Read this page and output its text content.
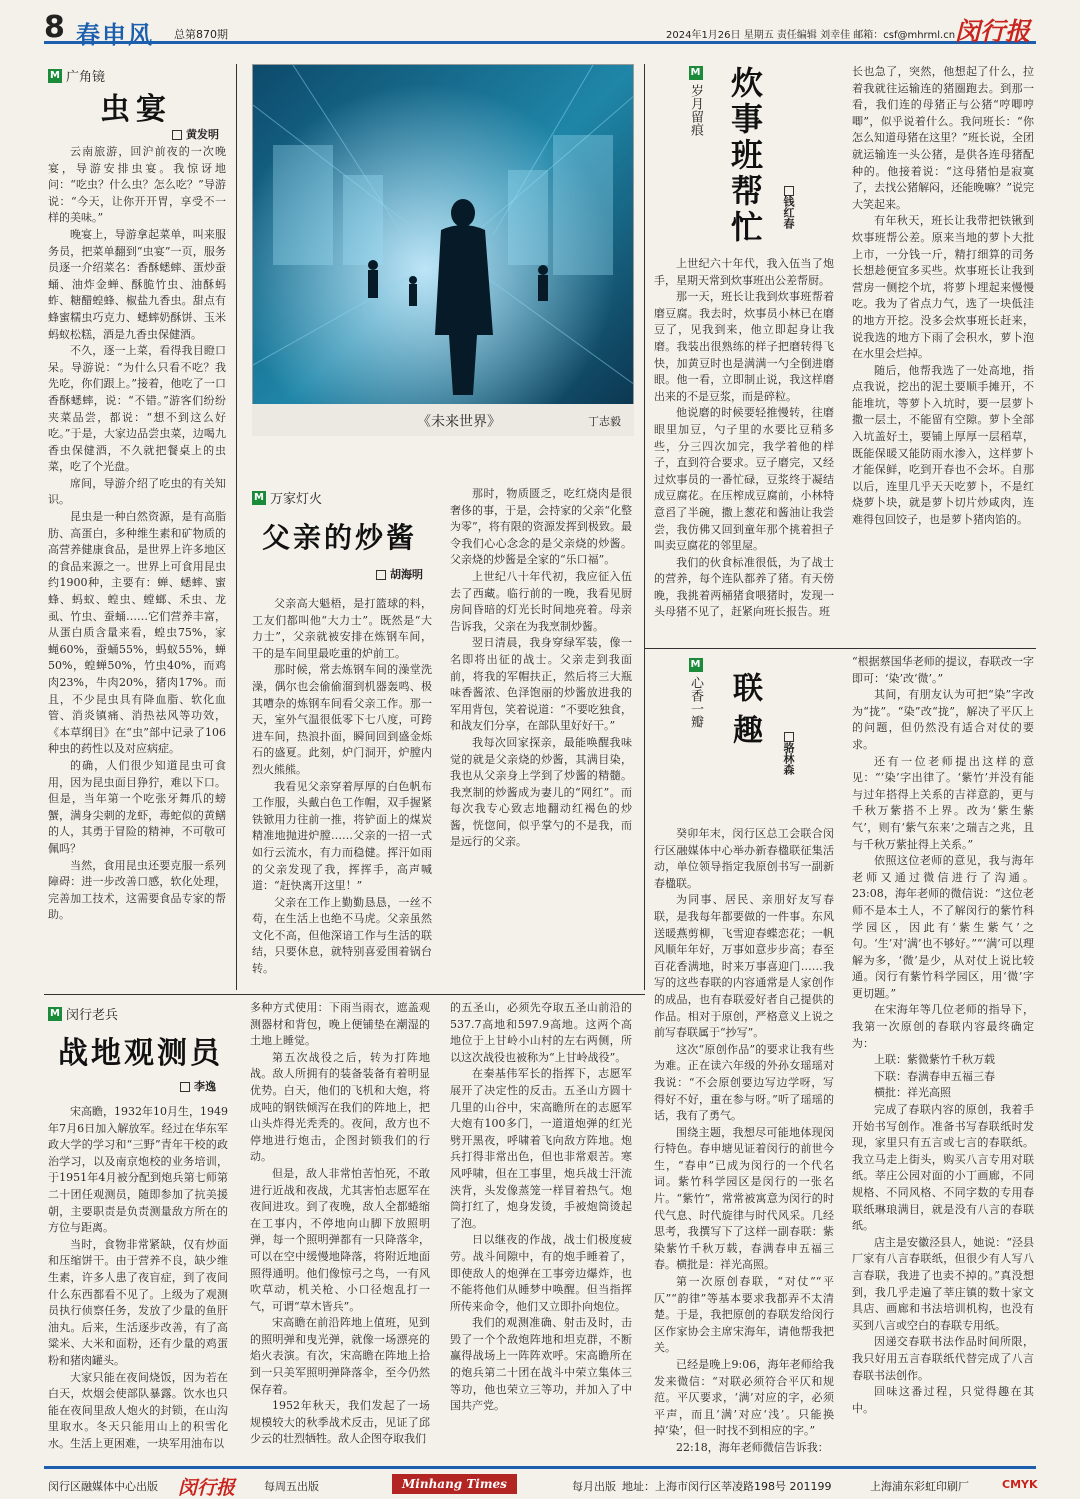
8 春申风 总第870期	2024年1月26日 星期五 责任编辑 刘幸佳 邮箱：csf@mhrml.cn 闵行报
M 广角镜
虫宴
黄发明

云南旅游，回沪前夜的一次晚宴，导游安排虫宴。我惊讶地问：“吃虫？什么虫？怎么吃？”导游说：“今天，让你开开胃，享受不一样的美味。”

晚宴上，导游拿起菜单，叫来服务员，把菜单翻到“虫宴”一页，服务员逐一介绍菜名：香酥蟋蟀、蛋炒蚕蛹、油炸金蝉、酥脆竹虫、油酥蚂蚱、糖醋蝗蜂、椒盐九香虫。甜点有蜂蜜糯虫巧克力、蟋蟀奶酥饼、玉米蚂蚁松糕，酒是九香虫保健酒。

不久，逐一上菜，看得我目瞪口呆。导游说：“为什么只看不吃？我先吃，你们跟上。”接着，他吃了一口香酥蟋蟀，说：“不错。”游客们纷纷夹菜品尝，都说：“想不到这么好吃。”于是，大家边品尝虫菜，边喝九香虫保健酒，不久就把餐桌上的虫菜，吃了个光盘。

席间，导游介绍了吃虫的有关知识。

昆虫是一种白然资源，是有高脂肪、高蛋白，多种维生素和矿物质的高营养健康食品，是世界上许多地区的食品来源之一。世界上可食用昆虫约1900种，主要有：蝉、蟋蟀、蜜蜂、蚂蚁、蝗虫、螳螂、禾虫、龙虱、竹虫、蚕蛹……它们营养丰富，从蛋白质含量来看，蝗虫75%，家蝇60%，蚕蛹55%，蚂蚁55%，蝉50%，蝗蝉50%，竹虫40%，而鸡肉23%，牛肉20%，猪肉17%。而且，不少昆虫具有降血脂、软化血管、消炎镇痛、消热祛风等功效，《本草纲目》在“虫”部中记录了106种虫的药性以及对应病症。

的确，人们很少知道昆虫可食用，因为昆虫面目狰狞，难以下口。但是，当年第一个吃张牙舞爪的螃蟹，满身尖刺的龙虾，毒蛇似的黄鳝的人，其勇于冒险的精神，不可敬可佩吗？

当然，食用昆虫还要克服一系列障碍：进一步改善口感，软化处理，完善加工技术，这需要食品专家的帮助。

《未来世界》	丁志毅
M 万家灯火
父亲的炒酱
胡海明

父亲高大魁梧，是打篮球的料，工友们都叫他“大力士”。既然是“大力士”，父亲就被安排在炼钢车间，干的是车间里最吃重的炉前工。

那时候，常去炼钢车间的澡堂洗澡，偶尔也会偷偷溜到机器轰鸣、极其嘈杂的炼钢车间看父亲工作。那一天，室外气温很低零下七八度，可跨进车间，热浪扑面，瞬间回到盛金烁石的盛夏。此刻，炉门洞开，炉膛内烈火熊熊。

我看见父亲穿着厚厚的白色帆布工作服，头戴白色工作帽，双手握紧铁锨用力往前一推，将铲面上的煤炭精准地抛进炉膛……父亲的一招一式如行云流水，有力而稳健。挥汗如雨的父亲发现了我，挥挥手，高声喊道：“赶快离开这里！”

父亲在工作上勤勤恳恳，一丝不苟，在生活上也绝不马虎。父亲虽然文化不高，但他深谙工作与生活的联结，只要休息，就特别喜爱围着锅台转。

那时，物质匮乏，吃红烧肉是很奢侈的事，于是，会持家的父亲“化整为零”，将有限的资源发挥到极致。最令我们心心念念的是父亲烧的炒酱。父亲烧的炒酱是全家的“乐口福”。

上世纪八十年代初，我应征入伍去了西藏。临行前的一晚，我看见厨房间昏暗的灯光长时间地亮着。母亲告诉我，父亲在为我烹制炒酱。

翌日清晨，我身穿绿军装，像一名即将出征的战士。父亲走到我面前，将我的军帽扶正，然后将三大瓶味香酱浓、色泽饱丽的炒酱放进我的军用背包，笑着说道：“不要吃独食，和战友们分享，在部队里好好干。”

我每次回家探亲，最能唤醒我味觉的就是父亲烧的炒酱，其满目染，我也从父亲身上学到了炒酱的精髓。我烹制的炒酱成为妻儿的“网红”。而每次我专心致志地翻动红褐色的炒酱，恍惚间，似乎掌勺的不是我，而是远行的父亲。

M
岁月留痕 炊事班帮忙	钱红春

上世纪六十年代，我入伍当了炮手，星期天常到炊事班出公差帮厨。

那一天，班长让我到炊事班帮着磨豆腐。我去时，炊事员小林已在磨豆了，见我到来，他立即起身让我磨。我装出很熟练的样子把磨转得飞快，加黄豆时也是满满一勺全倒进磨眼。他一看，立即制止说，我这样磨出来的不是豆浆，而是碎粒。

他说磨的时候要轻推慢转，往磨眼里加豆，勺子里的水要比豆稍多些，分三四次加完，我学着他的样子，直到符合要求。豆子磨完，又经过炊事员的一番忙碌，豆浆终于凝结成豆腐花。在压榨成豆腐前，小林特意舀了半碗，撒上葱花和酱油让我尝尝，我仿佛又回到童年那个挑着担子叫卖豆腐花的邻里屋。

我们的伙食标准很低，为了战士的营养，每个连队都养了猪。有天傍晚，我挑着两桶猪食喂猪时，发现一头母猪不见了，赶紧向班长报告。班

长也急了，突然，他想起了什么，拉着我就往运输连的猪圈跑去。到那一看，我们连的母猪正与公猪“哼唧哼唧”，似乎说着什么。我问班长：“你怎么知道母猪在这里？”班长说，全团就运输连一头公猪，是供各连母猪配种的。他接着说：“这母猪怕是寂寞了，去找公猪解闷，还能晚嘛？”说完大笑起来。

有年秋天，班长让我带把铁锹到炊事班帮公差。原来当地的萝卜大批上市，一分钱一斤，精打细算的司务长想趁便宜多买些。炊事班长让我到营房一侧挖个坑，将萝卜埋起来慢慢吃。我为了省点力气，选了一块低洼的地方开挖。没多会炊事班长赶来，说我选的地方下雨了会积水，萝卜泡在水里会烂掉。

随后，他帮我选了一处高地，指点我说，挖出的泥土要顺手摊开，不能堆坑，等萝卜入坑时，要一层萝卜撒一层土，不能留有空隙。萝卜全部入坑盖好土，要铺上厚厚一层稻草，既能保暖又能防雨水渗入，这样萝卜才能保鲜，吃到开春也不会坏。自那以后，连里几乎天天吃萝卜，不是红烧萝卜块，就是萝卜切片炒咸肉，连难得包回饺子，也是萝卜猪肉馅的。

M
心香一瓣 联趣
骆林森

癸卯年末，闵行区总工会联合闵行区融媒体中心举办新春楹联征集活动，单位领导指定我原创书写一副新春楹联。

为同事、居民、亲朋好友写春联，是我每年都要做的一件事。东风送暖燕剪柳，飞雪迎春蝶恋花；一帆风顺年年好，万事如意步步高；春至百花香满地，时来万事喜迎门……我写的这些春联的内容通常是人家创作的成品，也有春联爱好者自己提供的作品。相对于原创，严格意义上说之前写春联属于“抄写”。

这次“原创作品”的要求让我有些为难。正在读六年级的外孙女瑶瑶对我说：“不会原创要边写边学呀，写得好不好，重在参与呀。”听了瑶瑶的话，我有了勇气。

围绕主题，我想尽可能地体现闵行特色。春申塘见证着闵行的前世今生，“春申”已成为闵行的一个代名词。紫竹科学园区是闵行的一张名片。“紫竹”，常常被寓意为闵行的时代气息、时代旋律与时代风采。几经思考，我撰写下了这样一副春联：紫染紫竹千秋万载，春满春申五福三春。横批是：祥光高照。

第一次原创春联，“对仗”“平仄”“韵律”等基本要求我都弄不太清楚。于是，我把原创的春联发给闵行区作家协会主席宋海年，请他帮我把关。

已经是晚上9:06，海年老师给我发来微信：“对联必须符合平仄和规范。平仄要求，‘满’对应的字，必须平声，而且‘满’对应‘浅’。只能换掉‘染’，但一时找不到相应的字。”

22:18，海年老师微信告诉我：

“根据蔡国华老师的提议，春联改一字即可：‘染’改‘微’。”

其间，有朋友认为可把“染”字改为“拢”。“染”改“拢”，解决了平仄上的问题，但仍然没有适合对仗的要求。

还有一位老师提出这样的意见：“‘染’字出律了。‘紫竹’并没有能与过年搭得上关系的吉祥意韵，更与千秋万紫搭不上界。改为‘紫生紫气’，则有‘紫气东来’之瑞吉之兆，且与千秋万紫扯得上关系。”

依照这位老师的意见，我与海年老师又通过微信进行了沟通。23:08，海年老师的微信说：“这位老师不是本土人，不了解闵行的紫竹科学园区，因此有‘紫生紫气’之句。‘生’对‘满’也不够好。”“‘满’可以理解为多，‘微’是少，从对仗上说比较通。闵行有紫竹科学园区，用‘微’字更切题。”

在宋海年等几位老师的指导下，我第一次原创的春联内容最终确定为：

上联：紫微紫竹千秋万载

下联：春满春申五福三春

横批：祥光高照

完成了春联内容的原创，我着手开始书写创作。准备书写春联纸时发现，家里只有五言或七言的春联纸。我立马走上街头，购买八言专用对联纸。莘庄公园对面的小丁画廊，不同规格、不同风格、不同字数的专用春联纸琳琅满目，就是没有八言的春联纸。

店主是安徽泾县人，她说：“泾县厂家有八言春联纸，但很少有人写八言春联，我进了也卖不掉的。”真没想到，我几乎走遍了莘庄镇的数十家文具店、画廊和书法培训机构，也没有买到八言或空白的春联专用纸。

因递交春联书法作品时间所限，我只好用五言春联纸代替完成了八言春联书法创作。

回味这番过程，只觉得趣在其中。

M 闵行老兵
战地观测员
李逸

宋高瞻，1932年10月生，1949年7月6日加入解放军。经过在华东军政大学的学习和“三野”青年干校的政治学习，以及南京炮校的业务培训，于1951年4月被分配到炮兵第七师第二十团任观测员，随即参加了抗美援朝，主要职责是负责测量敌方所在的方位与距离。

当时，食物非常紧缺，仅有炒面和压缩饼干。由于营养不良，缺少维生素，许多人患了夜盲症，到了夜间什么东西都看不见了。上级为了观测员执行侦察任务，发放了少量的鱼肝油丸。后来，生活逐步改善，有了高粱米、大米和面粉，还有少量的鸡蛋粉和猪肉罐头。

大家只能在夜间烧饭，因为若在白天，炊烟会使部队暴露。饮水也只能在夜间里敌人炮火的封锁，在山沟里取水。冬天只能用山上的积雪化水。生活上更困难，一块军用油布以

多种方式使用：下雨当雨衣，遮盖观测器材和背包，晚上便铺垫在潮湿的土地上睡觉。

第五次战役之后，转为打阵地战。敌人所拥有的装备装备有着明显优势。白天，他们的飞机和大炮，将成吨的钢铁倾泻在我们的阵地上，把山头炸得光秃秃的。夜间，敌方也不停地进行炮击，企图封锁我们的行动。

但是，敌人非常怕苦怕死，不敢进行近战和夜战，尤其害怕志愿军在夜间进攻。到了夜晚，敌人全都蜷缩在工事内，不停地向山脚下放照明弹，每一个照明弹都有一只降落伞，可以在空中缓慢地降落，将附近地面照得通明。他们像惊弓之鸟，一有风吹草动，机关枪、小口径炮乱打一气，可谓“草木皆兵”。

宋高瞻在前沿阵地上值班，见到的照明弹和曳光弹，就像一场漂亮的焰火表演。有次，宋高瞻在阵地上拾到一只美军照明弹降落伞，至今仍然保存着。

1952年秋天，我们发起了一场规模较大的秋季战术反击，见证了邱少云的壮烈牺牲。敌人企图夺取我们

的五圣山，必须先夺取五圣山前沿的537.7高地和597.9高地。这两个高地位于上甘岭小山村的左右两侧，所以这次战役也被称为“上甘岭战役”。

在秦基伟军长的指挥下，志愿军展开了决定性的反击。五圣山方圆十几里的山谷中，宋高瞻所在的志愿军大炮有100多门，一道道炮弹的红光劈开黑夜，呼啸着飞向敌方阵地。炮兵打得非常出色，但也非常艰苦。寒风呼啸，但在工事里，炮兵战士汗流浃背，头发像蒸笼一样冒着热气。炮筒打红了，炮身发烫，手被炮筒烫起了泡。

日以继夜的作战，战士们极度疲劳。战斗间隙中，有的炮手睡着了，即使敌人的炮弹在工事旁边爆炸，也不能将他们从睡梦中唤醒。但当指挥所传来命令，他们又立即扑向炮位。

我们的观测准确、射击及时，击毁了一个个敌炮阵地和坦克群，不断赢得战场上一阵阵欢呼。宋高瞻所在的炮兵第二十团在战斗中荣立集体三等功，他也荣立三等功，并加入了中国共产党。

闵行区融媒体中心出版 闵行报	每周五出版	Minhang Times	每月出版 地址：上海市闵行区莘凌路198号 201199	上海浦东彩虹印刷厂	CMYK
